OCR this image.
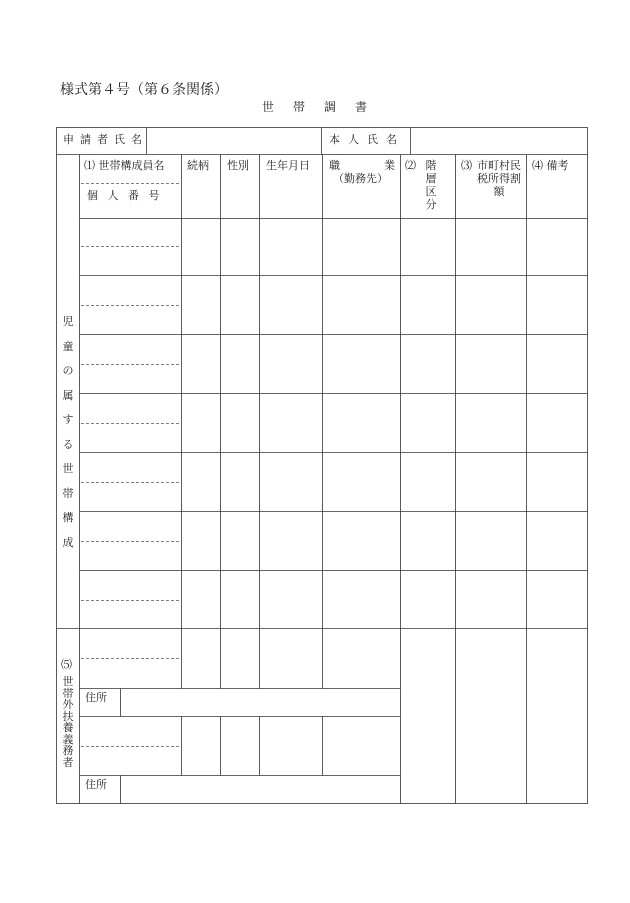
様式第４号（第６条関係）
世帯調書
申請者氏名	本人氏名
⑴ 世帯構成員名
個 人 番 号
続柄 性別 生年月日 職　　業
（勤務先）
⑵ 階層区分
⑶ 市町村民税所得割額
⑷ 備考
児童の属する世帯構成
⑸
世帯外扶養義務者
住所
住所
